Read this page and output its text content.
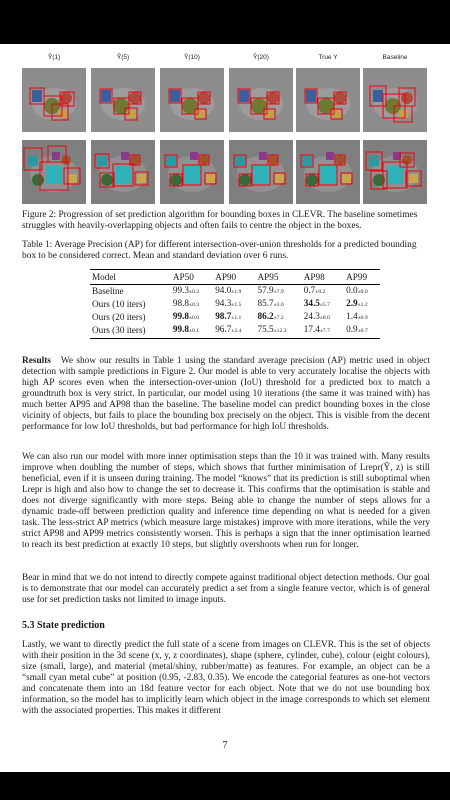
Ŷ(1)	Ŷ(5)	Ŷ(10)	Ŷ(20)	True Y	Baseline
Figure 2: Progression of set prediction algorithm for bounding boxes in CLEVR. The baseline sometimes struggles with heavily-overlapping objects and often fails to centre the object in the boxes.
Table 1: Average Precision (AP) for different intersection-over-union thresholds for a predicted bounding box to be considered correct. Mean and standard deviation over 6 runs.
Model	AP50	AP90	AP95	AP98	AP99
Baseline	99.3±0.2	94.0±1.9	57.9±7.9	0.7±0.2	0.0±0.0
Ours (10 iters)	98.8±0.3	94.3±1.5	85.7±3.0	34.5±5.7	2.9±1.2
Ours (20 iters)	99.8±0.0	98.7±1.1	86.2±7.2	24.3±8.0	1.4±0.9
Ours (30 iters)	99.8±0.1	96.7±2.4	75.5±12.3	17.4±7.7	0.9±0.7
Results We show our results in Table 1 using the standard average precision (AP) metric used in object detection with sample predictions in Figure 2. Our model is able to very accurately localise the objects with high AP scores even when the intersection-over-union (IoU) threshold for a predicted box to match a groundtruth box is very strict. In particular, our model using 10 iterations (the same it was trained with) has much better AP95 and AP98 than the baseline. The baseline model can predict bounding boxes in the close vicinity of objects, but fails to place the bounding box precisely on the object. This is visible from the decent performance for low IoU thresholds, but bad performance for high IoU thresholds.
We can also run our model with more inner optimisation steps than the 10 it was trained with. Many results improve when doubling the number of steps, which shows that further minimisation of Lrepr(Ŷ, z) is still beneficial, even if it is unseen during training. The model “knows” that its prediction is still suboptimal when Lrepr is high and also how to change the set to decrease it. This confirms that the optimisation is stable and does not diverge significantly with more steps. Being able to change the number of steps allows for a dynamic trade-off between prediction quality and inference time depending on what is needed for a given task. The less-strict AP metrics (which measure large mistakes) improve with more iterations, while the very strict AP98 and AP99 metrics consistently worsen. This is perhaps a sign that the inner optimisation learned to reach its best prediction at exactly 10 steps, but slightly overshoots when run for longer.
Bear in mind that we do not intend to directly compete against traditional object detection methods. Our goal is to demonstrate that our model can accurately predict a set from a single feature vector, which is of general use for set prediction tasks not limited to image inputs.
5.3 State prediction
Lastly, we want to directly predict the full state of a scene from images on CLEVR. This is the set of objects with their position in the 3d scene (x, y, z coordinates), shape (sphere, cylinder, cube), colour (eight colours), size (small, large), and material (metal/shiny, rubber/matte) as features. For example, an object can be a “small cyan metal cube” at position (0.95, -2.83, 0.35). We encode the categorial features as one-hot vectors and concatenate them into an 18d feature vector for each object. Note that we do not use bounding box information, so the model has to implicitly learn which object in the image corresponds to which set element with the associated properties. This makes it different
7
